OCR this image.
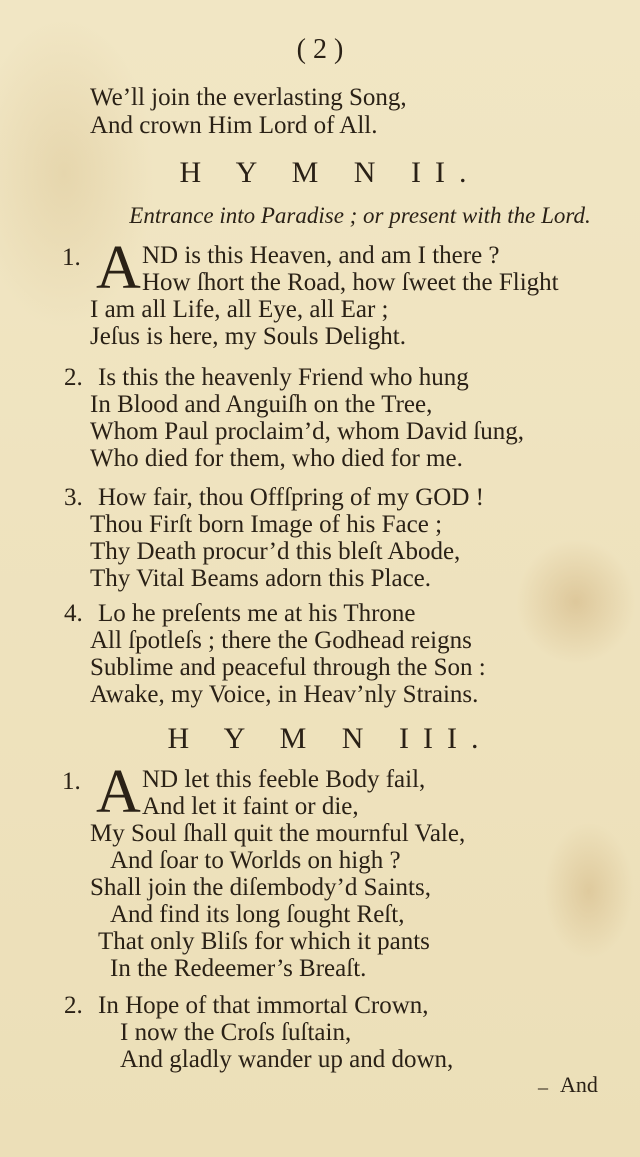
( 2 )
We’ll join the everlasting Song,
And crown Him Lord of All.
H Y M N II.
Entrance into Paradise ; or present with the Lord.
1. A ND is this Heaven, and am I there ?
How ſhort the Road, how ſweet the Flight
I am all Life, all Eye, all Ear ;
Jeſus is here, my Souls Delight.
2. Is this the heavenly Friend who hung
In Blood and Anguiſh on the Tree,
Whom Paul proclaim’d, whom David ſung,
Who died for them, who died for me.
3. How fair, thou Offſpring of my GOD !
Thou Firſt born Image of his Face ;
Thy Death procur’d this bleſt Abode,
Thy Vital Beams adorn this Place.
4. Lo he preſents me at his Throne
All ſpotleſs ; there the Godhead reigns
Sublime and peaceful through the Son :
Awake, my Voice, in Heav’nly Strains.
H Y M N III.
1. A ND let this feeble Body fail,
And let it faint or die,
My Soul ſhall quit the mournful Vale,
And ſoar to Worlds on high ?
Shall join the diſembody’d Saints,
And find its long ſought Reſt,
That only Bliſs for which it pants
In the Redeemer’s Breaſt.
2. In Hope of that immortal Crown,
I now the Croſs ſuſtain,
And gladly wander up and down,
And
_
